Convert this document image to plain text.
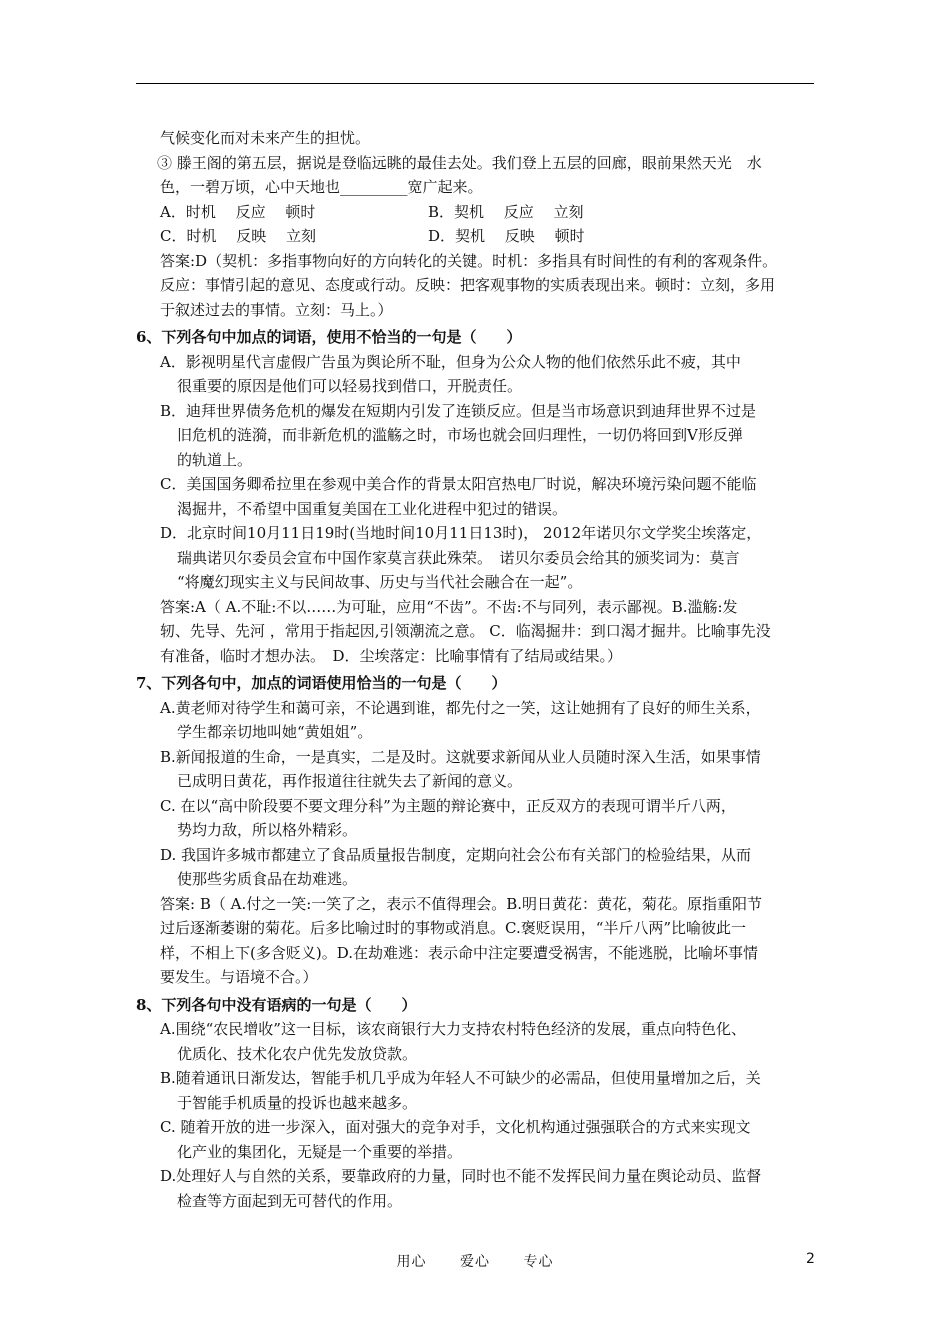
气候变化而对未来产生的担忧。
③ 滕王阁的第五层，据说是登临远眺的最佳去处。我们登上五层的回廊，眼前果然天光　水
色，一碧万顷，心中天地也_________宽广起来。
A．时机　 反应　 顿时	B．契机　 反应　 立刻
C．时机　 反映　 立刻	D．契机　 反映　 顿时
答案:D（契机：多指事物向好的方向转化的关键。时机：多指具有时间性的有利的客观条件。
反应：事情引起的意见、态度或行动。反映：把客观事物的实质表现出来。顿时：立刻，多用
于叙述过去的事情。立刻：马上。）
6、下列各句中加点的词语，使用不恰当的一句是（　　）
A．影视明星代言虚假广告虽为舆论所不耻，但身为公众人物的他们依然乐此不疲，其中
很重要的原因是他们可以轻易找到借口，开脱责任。
B．迪拜世界债务危机的爆发在短期内引发了连锁反应。但是当市场意识到迪拜世界不过是
旧危机的涟漪，而非新危机的滥觞之时，市场也就会回归理性，一切仍将回到Ⅴ形反弹
的轨道上。
C．美国国务卿希拉里在参观中美合作的背景太阳宫热电厂时说，解决环境污染问题不能临
渴掘井，不希望中国重复美国在工业化进程中犯过的错误。
D．北京时间10月11日19时(当地时间10月11日13时)， 2012年诺贝尔文学奖尘埃落定，
瑞典诺贝尔委员会宣布中国作家莫言获此殊荣。　诺贝尔委员会给其的颁奖词为：莫言
“将魔幻现实主义与民间故事、历史与当代社会融合在一起”。
答案:A（ A.不耻:不以……为可耻，应用“不齿”。不齿:不与同列，表示鄙视。B.滥觞:发
轫、先导、先河 ，常用于指起因,引领潮流之意。 C．临渴掘井：到口渴才掘井。比喻事先没
有准备，临时才想办法。　D．尘埃落定：比喻事情有了结局或结果。）
7、下列各句中，加点的词语使用恰当的一句是（　　）
A.黄老师对待学生和蔼可亲，不论遇到谁，都先付之一笑，这让她拥有了良好的师生关系，
学生都亲切地叫她“黄姐姐”。
B.新闻报道的生命，一是真实，二是及时。这就要求新闻从业人员随时深入生活，如果事情
已成明日黄花，再作报道往往就失去了新闻的意义。
C. 在以“高中阶段要不要文理分科”为主题的辩论赛中，正反双方的表现可谓半斤八两，
势均力敌，所以格外精彩。
D. 我国许多城市都建立了食品质量报告制度，定期向社会公布有关部门的检验结果，从而
使那些劣质食品在劫难逃。
答案: B（ A.付之一笑:一笑了之，表示不值得理会。B.明日黄花：黄花，菊花。原指重阳节
过后逐渐萎谢的菊花。后多比喻过时的事物或消息。C.褒贬误用，“半斤八两”比喻彼此一
样，不相上下(多含贬义)。D.在劫难逃：表示命中注定要遭受祸害，不能逃脱，比喻坏事情
要发生。与语境不合。）
8、下列各句中没有语病的一句是（　　）
A.围绕“农民增收”这一目标，该农商银行大力支持农村特色经济的发展，重点向特色化、
优质化、技术化农户优先发放贷款。
B.随着通讯日渐发达，智能手机几乎成为年轻人不可缺少的必需品，但使用量增加之后，关
于智能手机质量的投诉也越来越多。
C. 随着开放的进一步深入，面对强大的竞争对手，文化机构通过强强联合的方式来实现文
化产业的集团化，无疑是一个重要的举措。
D.处理好人与自然的关系，要靠政府的力量，同时也不能不发挥民间力量在舆论动员、监督
检查等方面起到无可替代的作用。
用心 爱心 专心	2
